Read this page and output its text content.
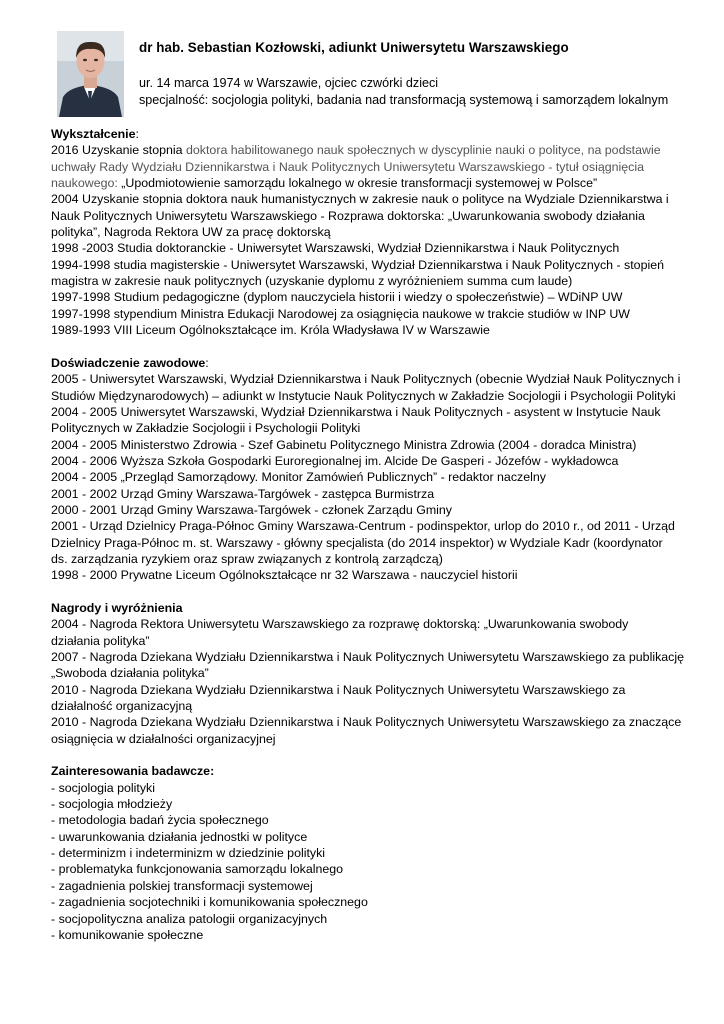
dr hab. Sebastian Kozłowski, adiunkt Uniwersytetu Warszawskiego
ur. 14 marca 1974 w Warszawie, ojciec czwórki dzieci
specjalność: socjologia polityki, badania nad transformacją systemową i samorządem lokalnym
Wykształcenie:
2016 Uzyskanie stopnia doktora habilitowanego nauk społecznych w dyscyplinie nauki o polityce, na podstawie
uchwały Rady Wydziału Dziennikarstwa i Nauk Politycznych Uniwersytetu Warszawskiego - tytuł osiągnięcia
naukowego: „Upodmiotowienie samorządu lokalnego w okresie transformacji systemowej w Polsce”
2004 Uzyskanie stopnia doktora nauk humanistycznych w zakresie nauk o polityce na Wydziale Dziennikarstwa i
Nauk Politycznych Uniwersytetu Warszawskiego - Rozprawa doktorska: „Uwarunkowania swobody działania
polityka”, Nagroda Rektora UW za pracę doktorską
1998 -2003 Studia doktoranckie - Uniwersytet Warszawski, Wydział Dziennikarstwa i Nauk Politycznych
1994-1998 studia magisterskie - Uniwersytet Warszawski, Wydział Dziennikarstwa i Nauk Politycznych - stopień
magistra w zakresie nauk politycznych (uzyskanie dyplomu z wyróżnieniem summa cum laude)
1997-1998 Studium pedagogiczne (dyplom nauczyciela historii i wiedzy o społeczeństwie) – WDiNP UW
1997-1998 stypendium Ministra Edukacji Narodowej za osiągnięcia naukowe w trakcie studiów w INP UW
1989-1993 VIII Liceum Ogólnokształcące im. Króla Władysława IV w Warszawie
Doświadczenie zawodowe:
2005 - Uniwersytet Warszawski, Wydział Dziennikarstwa i Nauk Politycznych (obecnie Wydział Nauk Politycznych i
Studiów Międzynarodowych) – adiunkt w Instytucie Nauk Politycznych w Zakładzie Socjologii i Psychologii Polityki
2004 - 2005 Uniwersytet Warszawski, Wydział Dziennikarstwa i Nauk Politycznych - asystent w Instytucie Nauk
Politycznych w Zakładzie Socjologii i Psychologii Polityki
2004 - 2005 Ministerstwo Zdrowia - Szef Gabinetu Politycznego Ministra Zdrowia (2004 - doradca Ministra)
2004 - 2006 Wyższa Szkoła Gospodarki Euroregionalnej im. Alcide De Gasperi - Józefów - wykładowca
2004 - 2005 „Przegląd Samorządowy. Monitor Zamówień Publicznych” - redaktor naczelny
2001 - 2002 Urząd Gminy Warszawa-Targówek - zastępca Burmistrza
2000 - 2001 Urząd Gminy Warszawa-Targówek - członek Zarządu Gminy
2001 - Urząd Dzielnicy Praga-Północ Gminy Warszawa-Centrum - podinspektor, urlop do 2010 r., od 2011 - Urząd
Dzielnicy Praga-Północ m. st. Warszawy - główny specjalista (do 2014 inspektor) w Wydziale Kadr (koordynator
ds. zarządzania ryzykiem oraz spraw związanych z kontrolą zarządczą)
1998 - 2000 Prywatne Liceum Ogólnokształcące nr 32 Warszawa - nauczyciel historii
Nagrody i wyróżnienia
2004 - Nagroda Rektora Uniwersytetu Warszawskiego za rozprawę doktorską: „Uwarunkowania swobody
działania polityka”
2007 - Nagroda Dziekana Wydziału Dziennikarstwa i Nauk Politycznych Uniwersytetu Warszawskiego za publikację
„Swoboda działania polityka”
2010 - Nagroda Dziekana Wydziału Dziennikarstwa i Nauk Politycznych Uniwersytetu Warszawskiego za
działalność organizacyjną
2010 - Nagroda Dziekana Wydziału Dziennikarstwa i Nauk Politycznych Uniwersytetu Warszawskiego za znaczące
osiągnięcia w działalności organizacyjnej
Zainteresowania badawcze:
- socjologia polityki
- socjologia młodzieży
- metodologia badań życia społecznego
- uwarunkowania działania jednostki w polityce
- determinizm i indeterminizm w dziedzinie polityki
- problematyka funkcjonowania samorządu lokalnego
- zagadnienia polskiej transformacji systemowej
- zagadnienia socjotechniki i komunikowania społecznego
- socjopolityczna analiza patologii organizacyjnych
- komunikowanie społeczne
